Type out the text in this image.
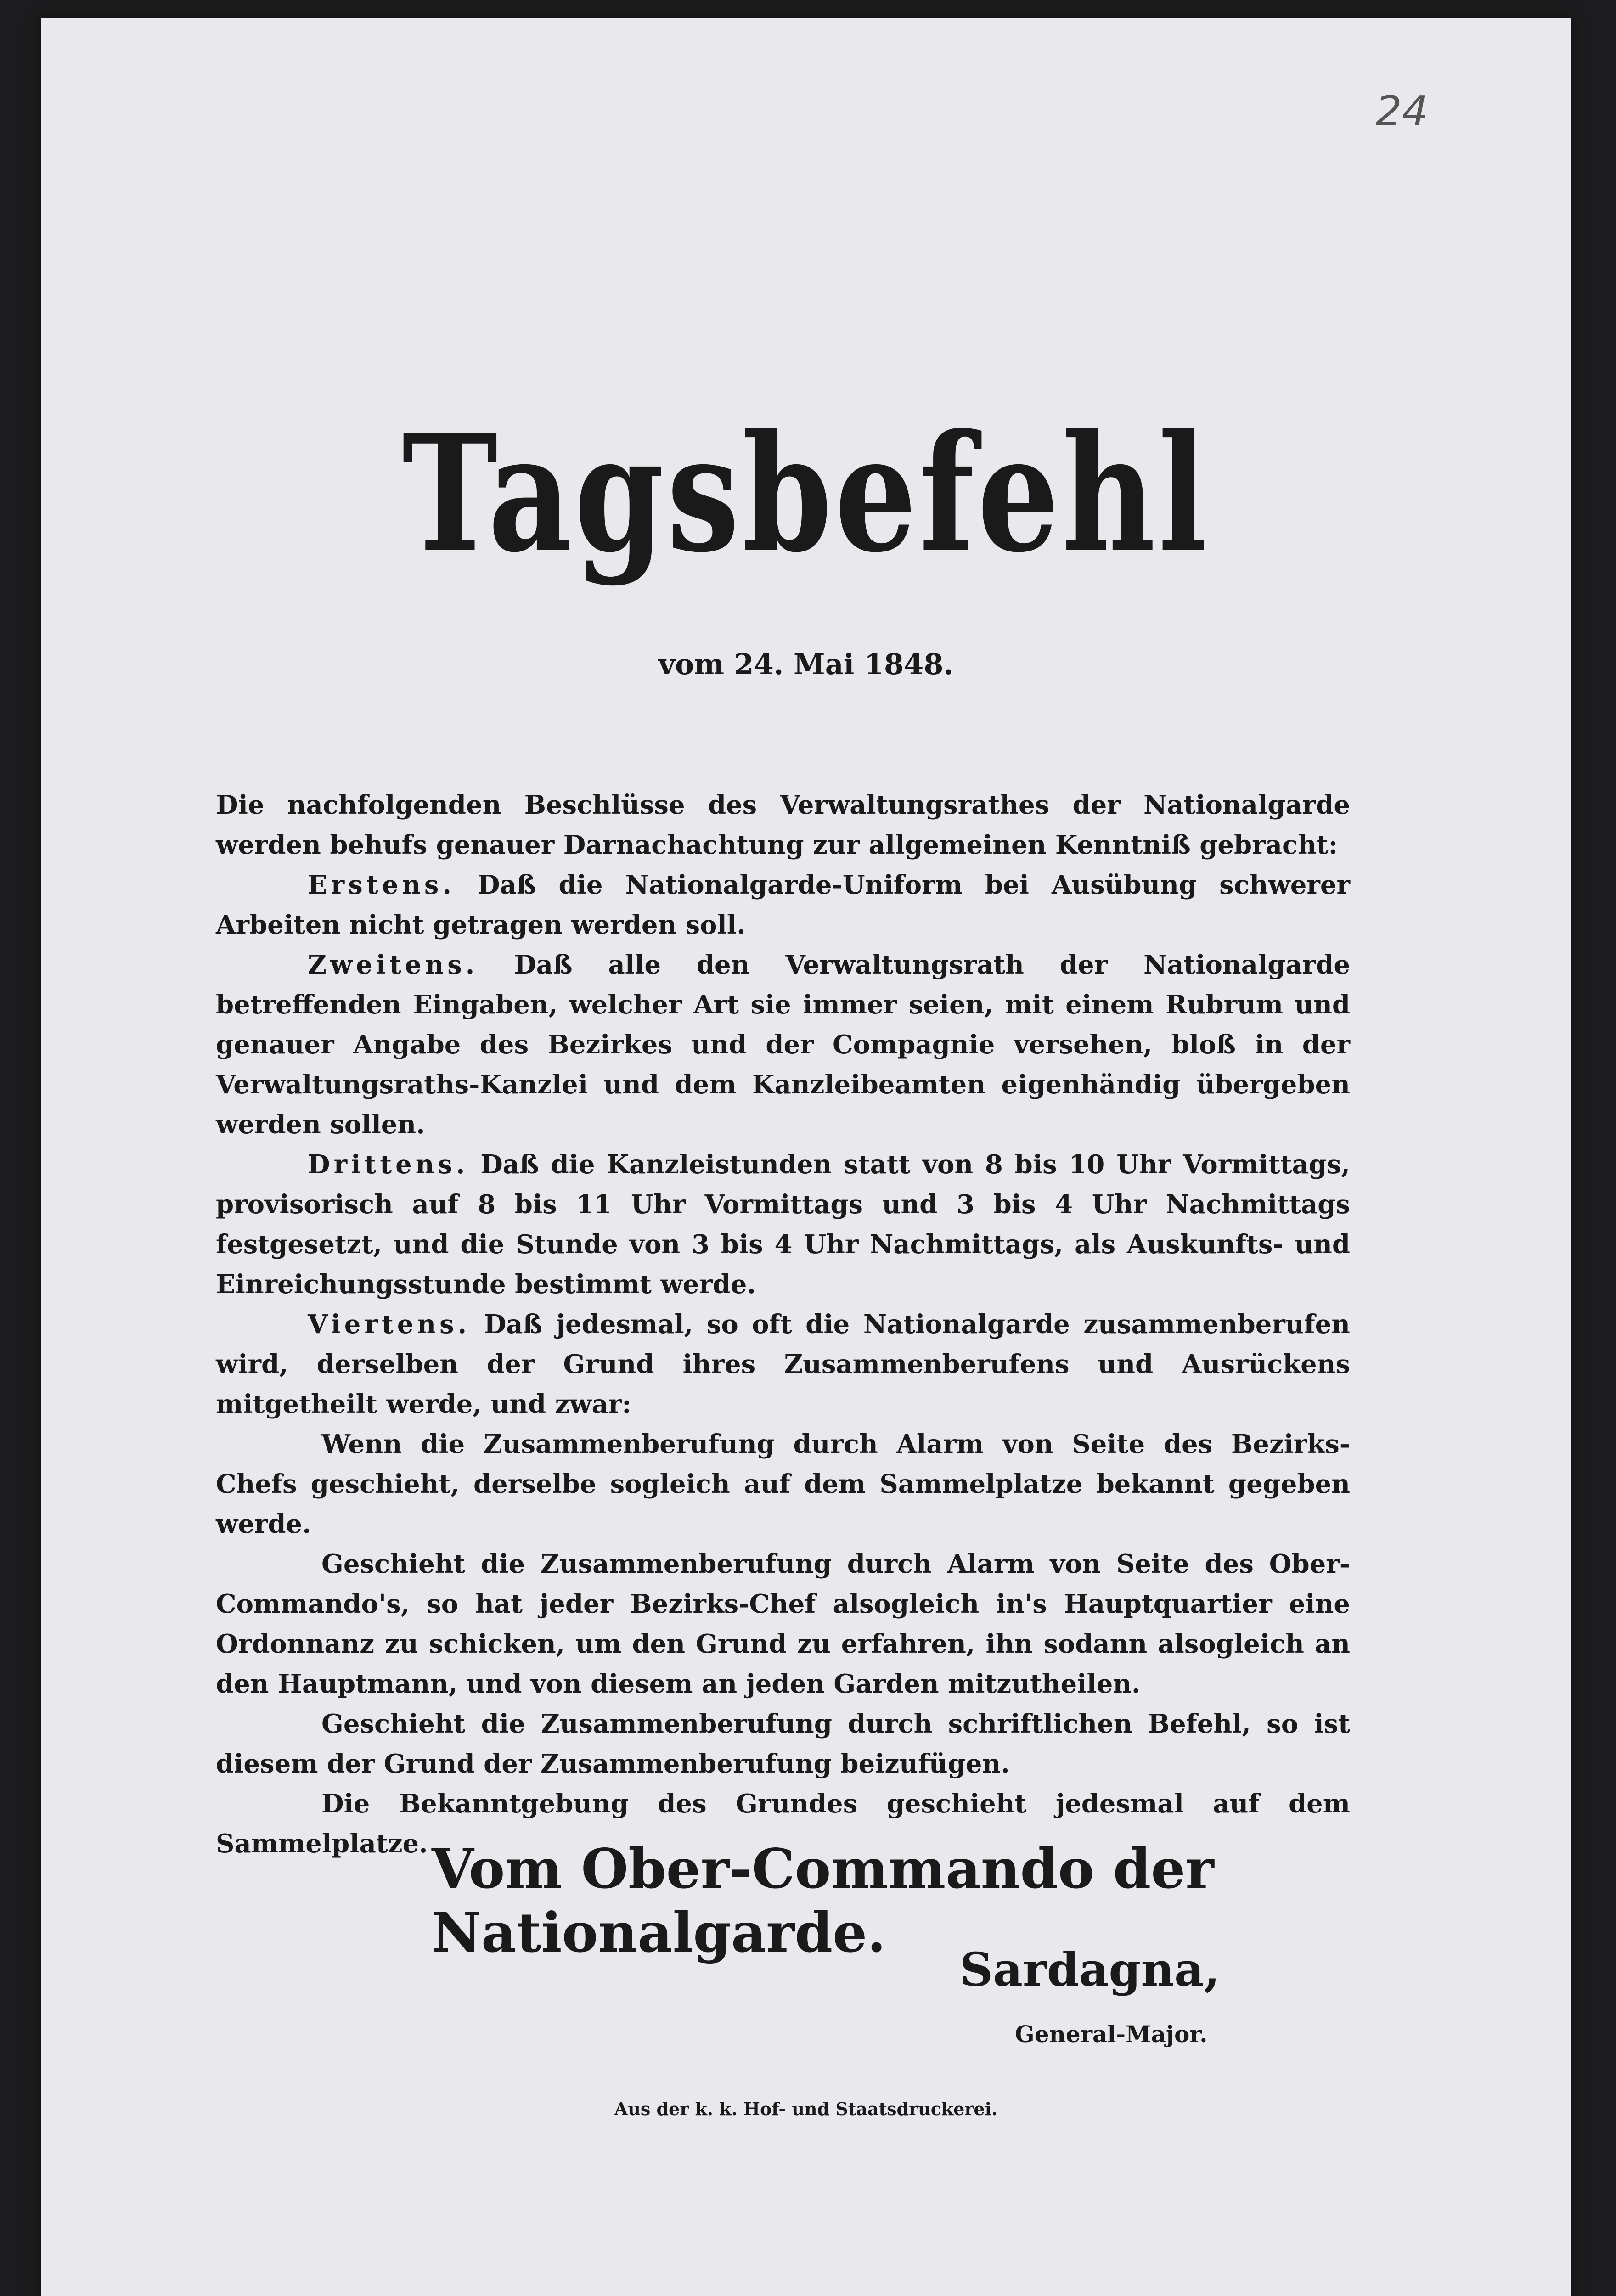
24
Tagsbefehl
vom 24. Mai 1848.

Die nachfolgenden Beschlüsse des Verwaltungsrathes der Nationalgarde werden behufs genauer Darnachachtung zur allgemeinen Kenntniß gebracht:

Erstens. Daß die Nationalgarde-Uniform bei Ausübung schwerer Arbeiten nicht getragen werden soll.

Zweitens. Daß alle den Verwaltungsrath der Nationalgarde betreffenden Eingaben, welcher Art sie immer seien, mit einem Rubrum und genauer Angabe des Bezirkes und der Compagnie versehen, bloß in der Verwaltungsraths-Kanzlei und dem Kanzleibeamten eigenhändig übergeben werden sollen.

Drittens. Daß die Kanzleistunden statt von 8 bis 10 Uhr Vormittags, provisorisch auf 8 bis 11 Uhr Vormittags und 3 bis 4 Uhr Nachmittags festgesetzt, und die Stunde von 3 bis 4 Uhr Nachmittags, als Auskunfts- und Einreichungsstunde bestimmt werde.

Viertens. Daß jedesmal, so oft die Nationalgarde zusammenberufen wird, derselben der Grund ihres Zusammenberufens und Ausrückens mitgetheilt werde, und zwar:

Wenn die Zusammenberufung durch Alarm von Seite des Bezirks-Chefs geschieht, derselbe sogleich auf dem Sammelplatze bekannt gegeben werde.

Geschieht die Zusammenberufung durch Alarm von Seite des Ober-Commando's, so hat jeder Bezirks-Chef alsogleich in's Hauptquartier eine Ordonnanz zu schicken, um den Grund zu erfahren, ihn sodann alsogleich an den Hauptmann, und von diesem an jeden Garden mitzutheilen.

Geschieht die Zusammenberufung durch schriftlichen Befehl, so ist diesem der Grund der Zusammenberufung beizufügen.

Die Bekanntgebung des Grundes geschieht jedesmal auf dem Sammelplatze. Vom Ober-Commando der Nationalgarde.
Sardagna,
General-Major.
Aus der k. k. Hof- und Staatsdruckerei.
